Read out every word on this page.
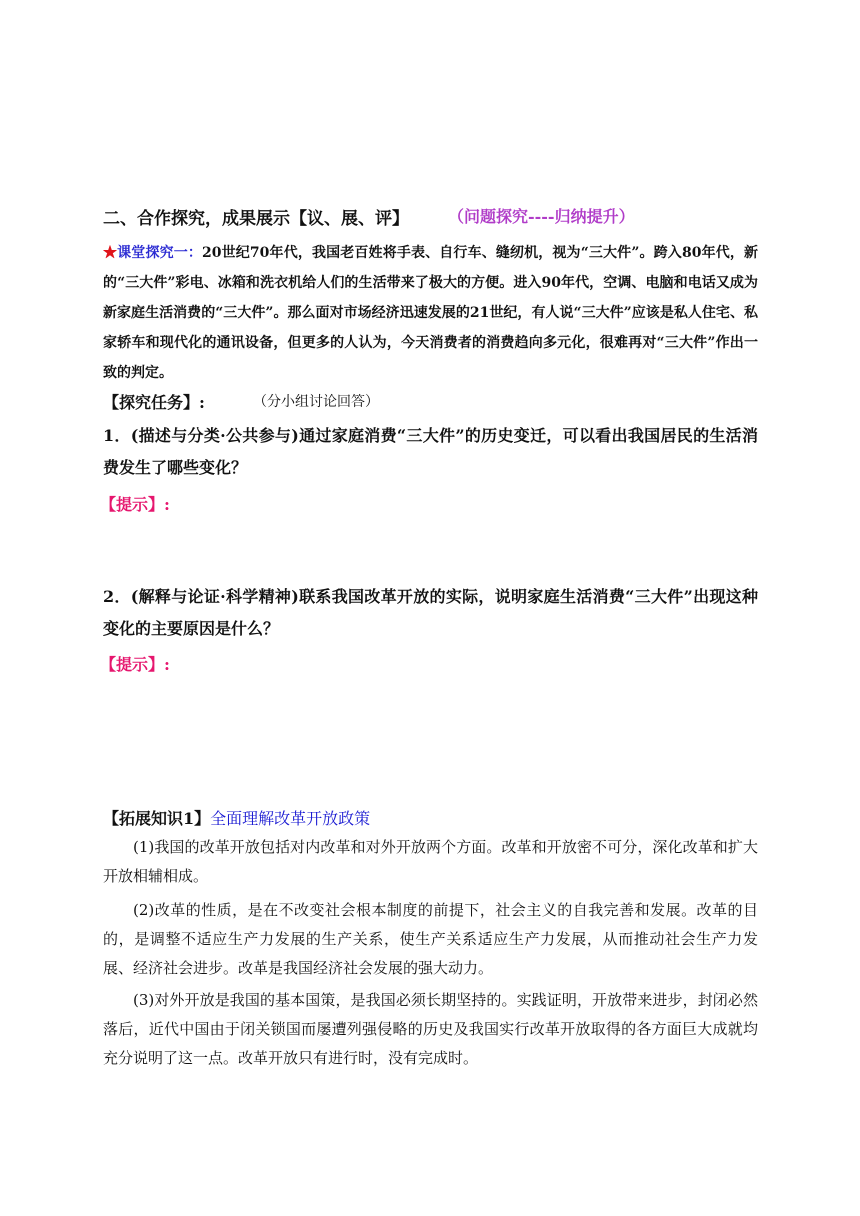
二、合作探究，成果展示【议、展、评】 （问题探究----归纳提升）
★课堂探究一：20世纪70年代，我国老百姓将手表、自行车、缝纫机，视为“三大件”。跨入80年代，新的“三大件”彩电、冰箱和洗衣机给人们的生活带来了极大的方便。进入90年代，空调、电脑和电话又成为新家庭生活消费的“三大件”。那么面对市场经济迅速发展的21世纪，有人说“三大件”应该是私人住宅、私家轿车和现代化的通讯设备，但更多的人认为，今天消费者的消费趋向多元化，很难再对“三大件”作出一致的判定。
【探究任务】:	（分小组讨论回答）
1．(描述与分类·公共参与)通过家庭消费“三大件”的历史变迁，可以看出我国居民的生活消费发生了哪些变化？
【提示】:
2．(解释与论证·科学精神)联系我国改革开放的实际，说明家庭生活消费“三大件”出现这种变化的主要原因是什么？
【提示】:
【拓展知识1】全面理解改革开放政策
(1)我国的改革开放包括对内改革和对外开放两个方面。改革和开放密不可分，深化改革和扩大开放相辅相成。
(2)改革的性质，是在不改变社会根本制度的前提下，社会主义的自我完善和发展。改革的目的，是调整不适应生产力发展的生产关系，使生产关系适应生产力发展，从而推动社会生产力发展、经济社会进步。改革是我国经济社会发展的强大动力。
(3)对外开放是我国的基本国策，是我国必须长期坚持的。实践证明，开放带来进步，封闭必然落后，近代中国由于闭关锁国而屡遭列强侵略的历史及我国实行改革开放取得的各方面巨大成就均充分说明了这一点。改革开放只有进行时，没有完成时。
